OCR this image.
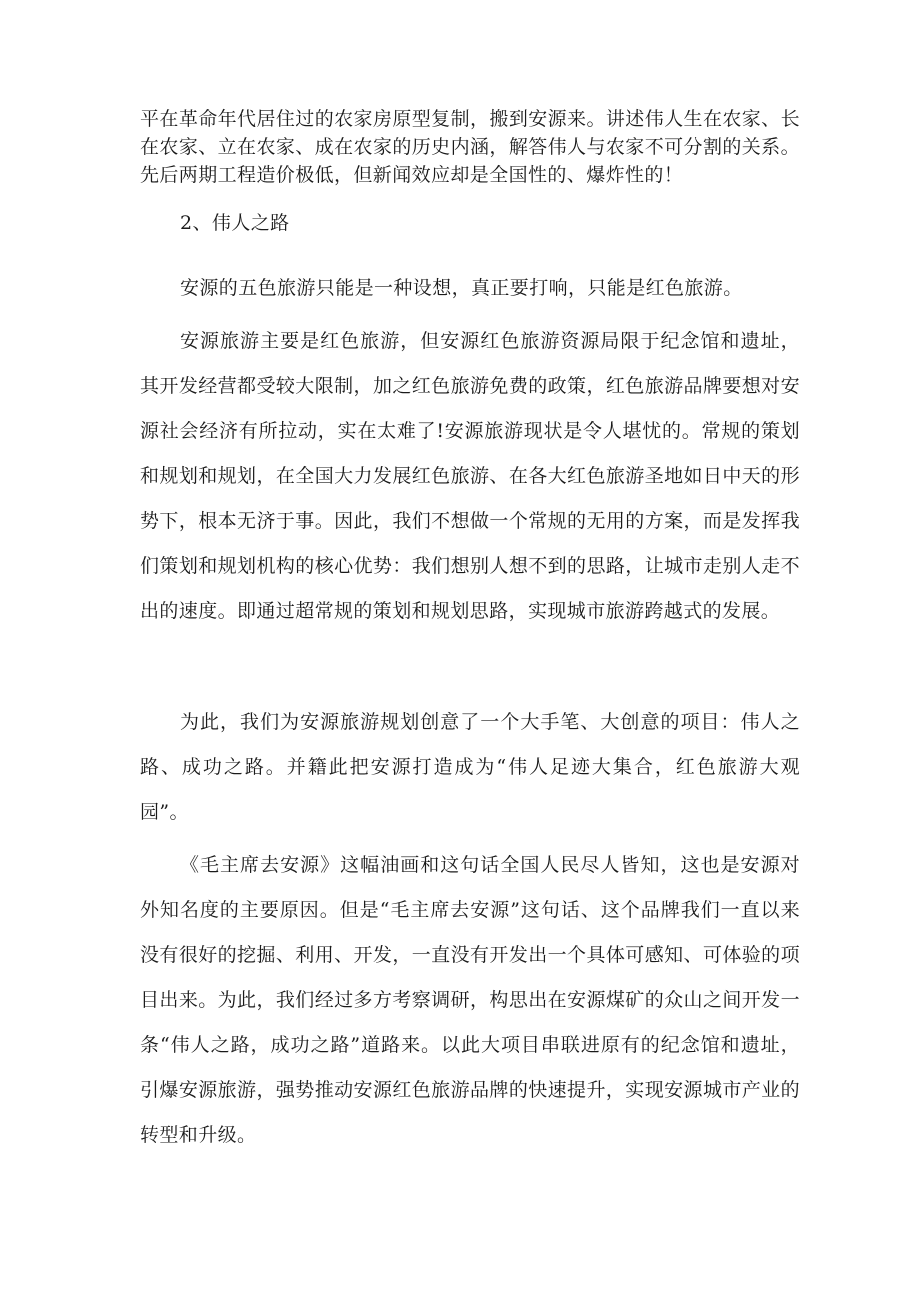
平在革命年代居住过的农家房原型复制，搬到安源来。讲述伟人生在农家、长在农家、立在农家、成在农家的历史内涵，解答伟人与农家不可分割的关系。先后两期工程造价极低，但新闻效应却是全国性的、爆炸性的！

2、伟人之路

安源的五色旅游只能是一种设想，真正要打响，只能是红色旅游。

安源旅游主要是红色旅游，但安源红色旅游资源局限于纪念馆和遗址，其开发经营都受较大限制，加之红色旅游免费的政策，红色旅游品牌要想对安源社会经济有所拉动，实在太难了!安源旅游现状是令人堪忧的。常规的策划和规划和规划，在全国大力发展红色旅游、在各大红色旅游圣地如日中天的形势下，根本无济于事。因此，我们不想做一个常规的无用的方案，而是发挥我们策划和规划机构的核心优势：我们想别人想不到的思路，让城市走别人走不出的速度。即通过超常规的策划和规划思路，实现城市旅游跨越式的发展。

为此，我们为安源旅游规划创意了一个大手笔、大创意的项目：伟人之路、成功之路。并籍此把安源打造成为“伟人足迹大集合，红色旅游大观园”。

《毛主席去安源》这幅油画和这句话全国人民尽人皆知，这也是安源对外知名度的主要原因。但是“毛主席去安源”这句话、这个品牌我们一直以来没有很好的挖掘、利用、开发，一直没有开发出一个具体可感知、可体验的项目出来。为此，我们经过多方考察调研，构思出在安源煤矿的众山之间开发一条“伟人之路，成功之路”道路来。以此大项目串联进原有的纪念馆和遗址，引爆安源旅游，强势推动安源红色旅游品牌的快速提升，实现安源城市产业的转型和升级。
